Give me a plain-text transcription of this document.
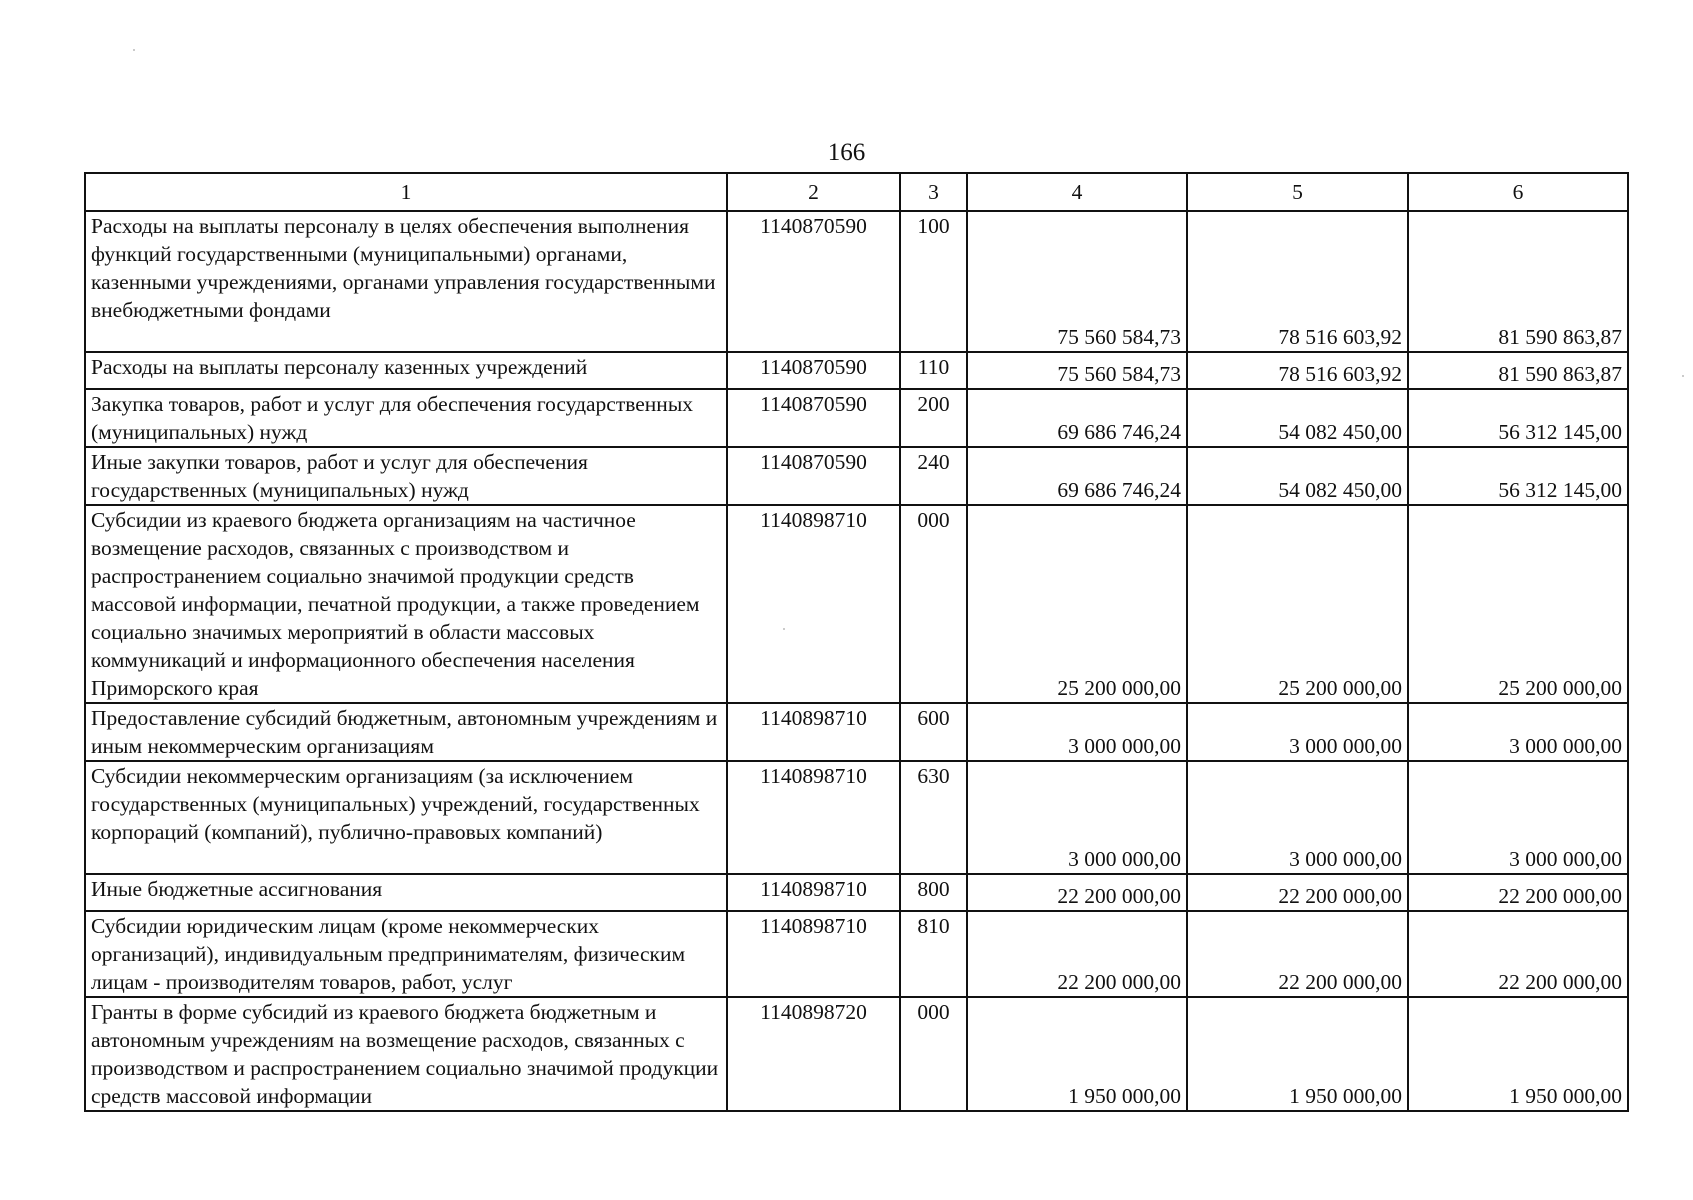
166
1	2	3	4	5	6
Расходы на выплаты персоналу в целях обеспечения выполнения функций государственными (муниципальными) органами, казенными учреждениями, органами управления государственными внебюджетными фондами	1140870590	100	75 560 584,73	78 516 603,92	81 590 863,87
Расходы на выплаты персоналу казенных учреждений	1140870590	110	75 560 584,73	78 516 603,92	81 590 863,87
Закупка товаров, работ и услуг для обеспечения государственных (муниципальных) нужд	1140870590	200	69 686 746,24	54 082 450,00	56 312 145,00
Иные закупки товаров, работ и услуг для обеспечения государственных (муниципальных) нужд	1140870590	240	69 686 746,24	54 082 450,00	56 312 145,00
Субсидии из краевого бюджета организациям на частичное возмещение расходов, связанных с производством и распространением социально значимой продукции средств массовой информации, печатной продукции, а также проведением социально значимых мероприятий в области массовых коммуникаций и информационного обеспечения населения Приморского края	1140898710	000	25 200 000,00	25 200 000,00	25 200 000,00
Предоставление субсидий бюджетным, автономным учреждениям и иным некоммерческим организациям	1140898710	600	3 000 000,00	3 000 000,00	3 000 000,00
Субсидии некоммерческим организациям (за исключением государственных (муниципальных) учреждений, государственных корпораций (компаний), публично-правовых компаний)	1140898710	630	3 000 000,00	3 000 000,00	3 000 000,00
Иные бюджетные ассигнования	1140898710	800	22 200 000,00	22 200 000,00	22 200 000,00
Субсидии юридическим лицам (кроме некоммерческих организаций), индивидуальным предпринимателям, физическим лицам - производителям товаров, работ, услуг	1140898710	810	22 200 000,00	22 200 000,00	22 200 000,00
Гранты в форме субсидий из краевого бюджета бюджетным и автономным учреждениям на возмещение расходов, связанных с производством и распространением социально значимой продукции средств массовой информации	1140898720	000	1 950 000,00	1 950 000,00	1 950 000,00
